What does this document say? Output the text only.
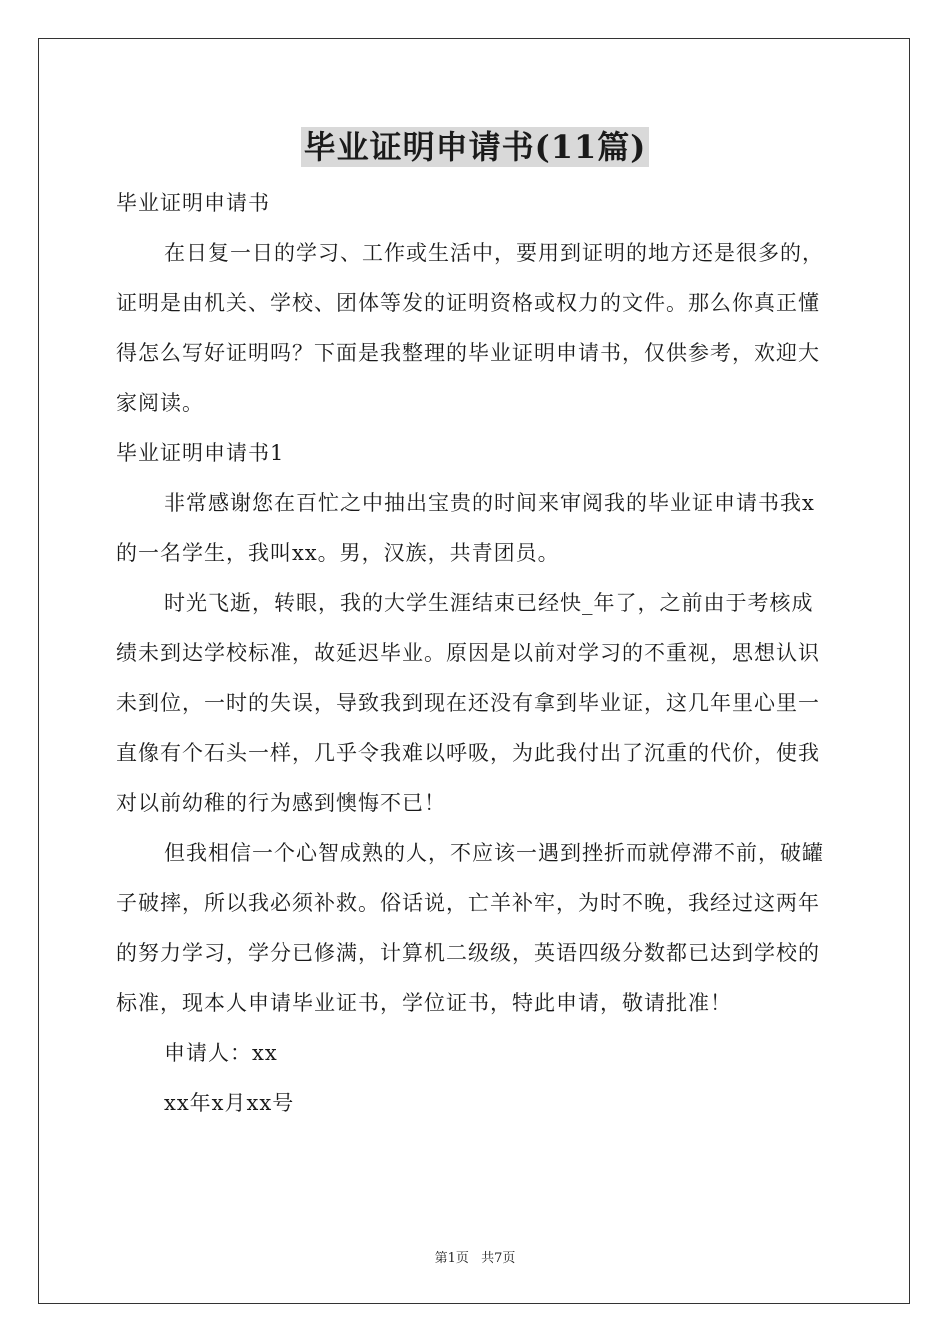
毕业证明申请书(11篇)

毕业证明申请书

在日复一日的学习、工作或生活中，要用到证明的地方还是很多的，证明是由机关、学校、团体等发的证明资格或权力的文件。那么你真正懂得怎么写好证明吗？下面是我整理的毕业证明申请书，仅供参考，欢迎大家阅读。

毕业证明申请书1

非常感谢您在百忙之中抽出宝贵的时间来审阅我的毕业证申请书我x的一名学生，我叫xx。男，汉族，共青团员。

时光飞逝，转眼，我的大学生涯结束已经快_年了，之前由于考核成绩未到达学校标准，故延迟毕业。原因是以前对学习的不重视，思想认识未到位，一时的失误，导致我到现在还没有拿到毕业证，这几年里心里一直像有个石头一样，几乎令我难以呼吸，为此我付出了沉重的代价，使我对以前幼稚的行为感到懊悔不已！

但我相信一个心智成熟的人，不应该一遇到挫折而就停滞不前，破罐子破摔，所以我必须补救。俗话说，亡羊补牢，为时不晚，我经过这两年的努力学习，学分已修满，计算机二级级，英语四级分数都已达到学校的标准，现本人申请毕业证书，学位证书，特此申请，敬请批准！

申请人：xx

xx年x月xx号

第1页 共7页
